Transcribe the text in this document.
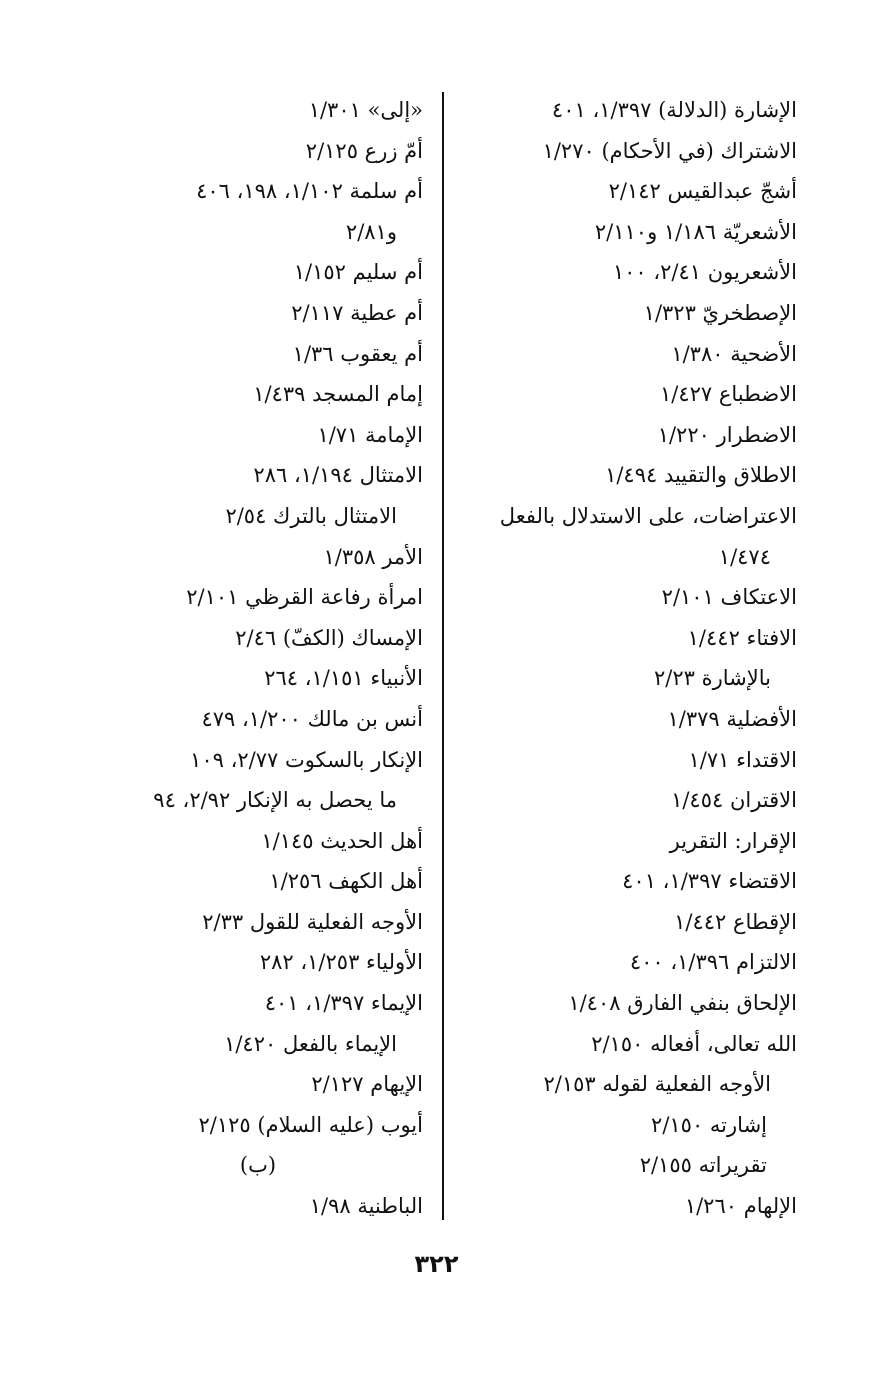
الإشارة (الدلالة) ١/٣٩٧، ٤٠١
الاشتراك (في الأحكام) ١/٢٧٠
أشجّ عبدالقيس ٢/١٤٢
الأشعريّة ١/١٨٦ و٢/١١٠
الأشعريون ٢/٤١، ١٠٠
الإصطخريّ ١/٣٢٣
الأضحية ١/٣٨٠
الاضطباع ١/٤٢٧
الاضطرار ١/٢٢٠
الاطلاق والتقييد ١/٤٩٤
الاعتراضات، على الاستدلال بالفعل
١/٤٧٤
الاعتكاف ٢/١٠١
الافتاء ١/٤٤٢
بالإشارة ٢/٢٣
الأفضلية ١/٣٧٩
الاقتداء ١/٧١
الاقتران ١/٤٥٤
الإقرار: التقرير
الاقتضاء ١/٣٩٧، ٤٠١
الإقطاع ١/٤٤٢
الالتزام ١/٣٩٦، ٤٠٠
الإلحاق بنفي الفارق ١/٤٠٨
الله تعالى، أفعاله ٢/١٥٠
الأوجه الفعلية لقوله ٢/١٥٣
إشارته ٢/١٥٠
تقريراته ٢/١٥٥
الإلهام ١/٢٦٠
«إلى» ١/٣٠١
أمّ زرع ٢/١٢٥
أم سلمة ١/١٠٢، ١٩٨، ٤٠٦
و٢/٨١
أم سليم ١/١٥٢
أم عطية ٢/١١٧
أم يعقوب ١/٣٦
إمام المسجد ١/٤٣٩
الإمامة ١/٧١
الامتثال ١/١٩٤، ٢٨٦
الامتثال بالترك ٢/٥٤
الأمر ١/٣٥٨
امرأة رفاعة القرظي ٢/١٠١
الإمساك (الكفّ) ٢/٤٦
الأنبياء ١/١٥١، ٢٦٤
أنس بن مالك ١/٢٠٠، ٤٧٩
الإنكار بالسكوت ٢/٧٧، ١٠٩
ما يحصل به الإنكار ٢/٩٢، ٩٤
أهل الحديث ١/١٤٥
أهل الكهف ١/٢٥٦
الأوجه الفعلية للقول ٢/٣٣
الأولياء ١/٢٥٣، ٢٨٢
الإيماء ١/٣٩٧، ٤٠١
الإيماء بالفعل ١/٤٢٠
الإيهام ٢/١٢٧
أيوب (عليه السلام) ٢/١٢٥
(ب)
الباطنية ١/٩٨
٣٢٢
